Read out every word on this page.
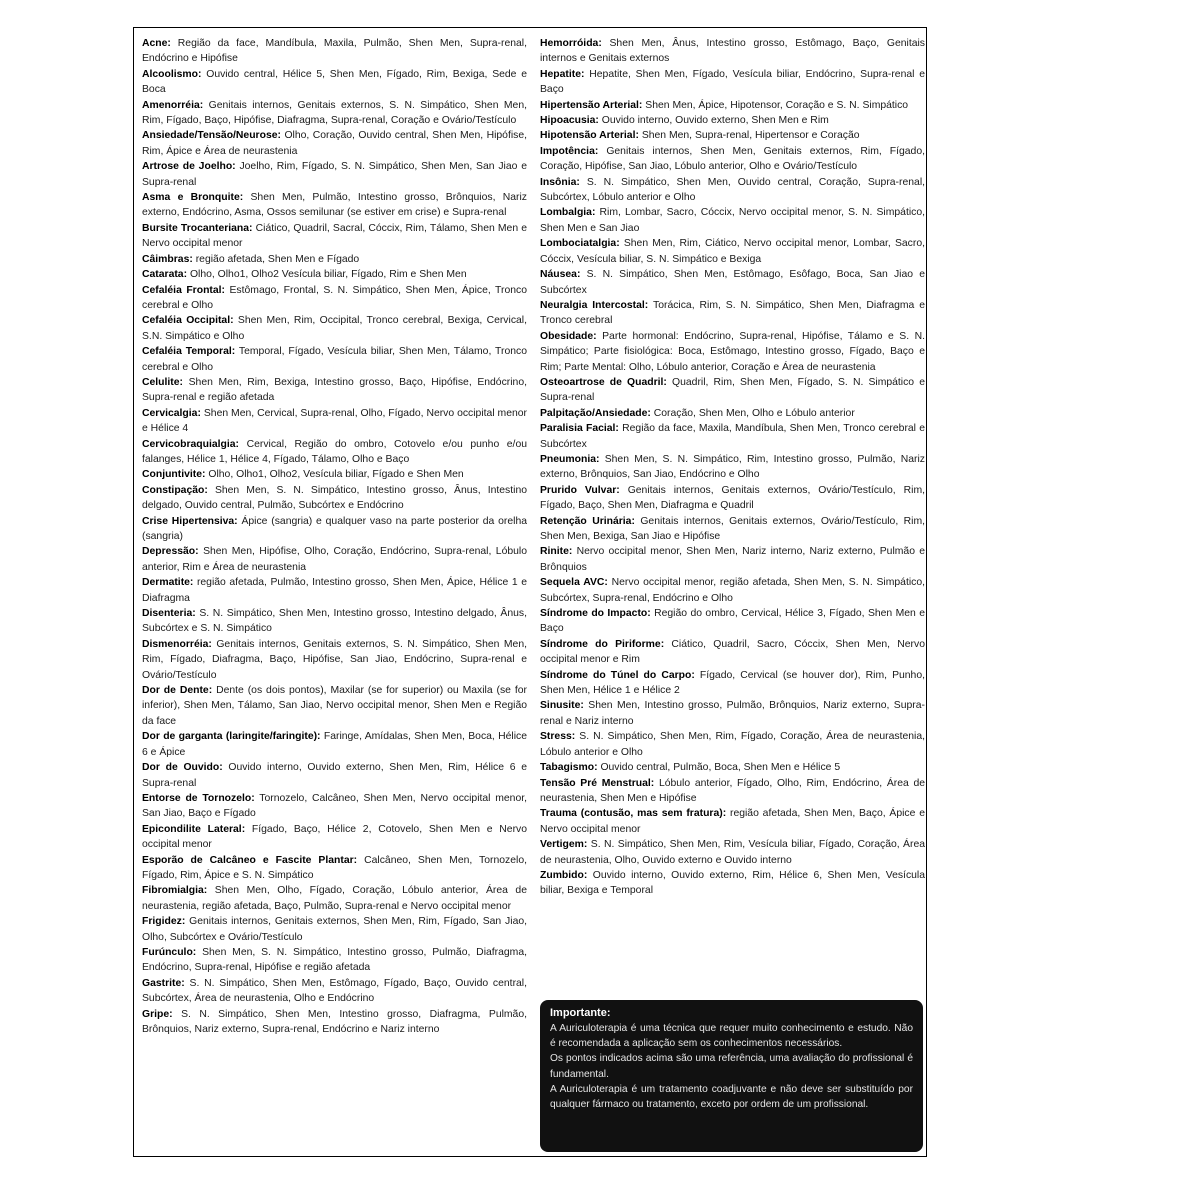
Acne: Região da face, Mandíbula, Maxila, Pulmão, Shen Men, Supra-renal, Endócrino e Hipófise

Alcoolismo: Ouvido central, Hélice 5, Shen Men, Fígado, Rim, Bexiga, Sede e Boca

Amenorréia: Genitais internos, Genitais externos, S. N. Simpático, Shen Men, Rim, Fígado, Baço, Hipófise, Diafragma, Supra-renal, Coração e Ovário/Testículo

Ansiedade/Tensão/Neurose: Olho, Coração, Ouvido central, Shen Men, Hipófise, Rim, Ápice e Área de neurastenia

Artrose de Joelho: Joelho, Rim, Fígado, S. N. Simpático, Shen Men, San Jiao e Supra-renal

Asma e Bronquite: Shen Men, Pulmão, Intestino grosso, Brônquios, Nariz externo, Endócrino, Asma, Ossos semilunar (se estiver em crise) e Supra-renal

Bursite Trocanteriana: Ciático, Quadril, Sacral, Cóccix, Rim, Tálamo, Shen Men e Nervo occipital menor

Câimbras: região afetada, Shen Men e Fígado

Catarata: Olho, Olho1, Olho2 Vesícula biliar, Fígado, Rim e Shen Men

Cefaléia Frontal: Estômago, Frontal, S. N. Simpático, Shen Men, Ápice, Tronco cerebral e Olho

Cefaléia Occipital: Shen Men, Rim, Occipital, Tronco cerebral, Bexiga, Cervical, S.N. Simpático e Olho

Cefaléia Temporal: Temporal, Fígado, Vesícula biliar, Shen Men, Tálamo, Tronco cerebral e Olho

Celulite: Shen Men, Rim, Bexiga, Intestino grosso, Baço, Hipófise, Endócrino, Supra-renal e região afetada

Cervicalgia: Shen Men, Cervical, Supra-renal, Olho, Fígado, Nervo occipital menor e Hélice 4

Cervicobraquialgia: Cervical, Região do ombro, Cotovelo e/ou punho e/ou falanges, Hélice 1, Hélice 4, Fígado, Tálamo, Olho e Baço

Conjuntivite: Olho, Olho1, Olho2, Vesícula biliar, Fígado e Shen Men

Constipação: Shen Men, S. N. Simpático, Intestino grosso, Ânus, Intestino delgado, Ouvido central, Pulmão, Subcórtex e Endócrino

Crise Hipertensiva: Ápice (sangria) e qualquer vaso na parte posterior da orelha (sangria)

Depressão: Shen Men, Hipófise, Olho, Coração, Endócrino, Supra-renal, Lóbulo anterior, Rim e Área de neurastenia

Dermatite: região afetada, Pulmão, Intestino grosso, Shen Men, Ápice, Hélice 1 e Diafragma

Disenteria: S. N. Simpático, Shen Men, Intestino grosso, Intestino delgado, Ânus, Subcórtex e S. N. Simpático

Dismenorréia: Genitais internos, Genitais externos, S. N. Simpático, Shen Men, Rim, Fígado, Diafragma, Baço, Hipófise, San Jiao, Endócrino, Supra-renal e Ovário/Testículo

Dor de Dente: Dente (os dois pontos), Maxilar (se for superior) ou Maxila (se for inferior), Shen Men, Tálamo, San Jiao, Nervo occipital menor, Shen Men e Região da face

Dor de garganta (laringite/faringite): Faringe, Amídalas, Shen Men, Boca, Hélice 6 e Ápice

Dor de Ouvido: Ouvido interno, Ouvido externo, Shen Men, Rim, Hélice 6 e Supra-renal

Entorse de Tornozelo: Tornozelo, Calcâneo, Shen Men, Nervo occipital menor, San Jiao, Baço e Fígado

Epicondilite Lateral: Fígado, Baço, Hélice 2, Cotovelo, Shen Men e Nervo occipital menor

Esporão de Calcâneo e Fascite Plantar: Calcâneo, Shen Men, Tornozelo, Fígado, Rim, Ápice e S. N. Simpático

Fibromialgia: Shen Men, Olho, Fígado, Coração, Lóbulo anterior, Área de neurastenia, região afetada, Baço, Pulmão, Supra-renal e Nervo occipital menor

Frigidez: Genitais internos, Genitais externos, Shen Men, Rim, Fígado, San Jiao, Olho, Subcórtex e Ovário/Testículo

Furúnculo: Shen Men, S. N. Simpático, Intestino grosso, Pulmão, Diafragma, Endócrino, Supra-renal, Hipófise e região afetada

Gastrite: S. N. Simpático, Shen Men, Estômago, Fígado, Baço, Ouvido central, Subcórtex, Área de neurastenia, Olho e Endócrino

Gripe: S. N. Simpático, Shen Men, Intestino grosso, Diafragma, Pulmão, Brônquios, Nariz externo, Supra-renal, Endócrino e Nariz interno

Hemorróida: Shen Men, Ânus, Intestino grosso, Estômago, Baço, Genitais internos e Genitais externos

Hepatite: Hepatite, Shen Men, Fígado, Vesícula biliar, Endócrino, Supra-renal e Baço

Hipertensão Arterial: Shen Men, Ápice, Hipotensor, Coração e S. N. Simpático

Hipoacusia: Ouvido interno, Ouvido externo, Shen Men e Rim

Hipotensão Arterial: Shen Men, Supra-renal, Hipertensor e Coração

Impotência: Genitais internos, Shen Men, Genitais externos, Rim, Fígado, Coração, Hipófise, San Jiao, Lóbulo anterior, Olho e Ovário/Testículo

Insônia: S. N. Simpático, Shen Men, Ouvido central, Coração, Supra-renal, Subcórtex, Lóbulo anterior e Olho

Lombalgia: Rim, Lombar, Sacro, Cóccix, Nervo occipital menor, S. N. Simpático, Shen Men e San Jiao

Lombociatalgia: Shen Men, Rim, Ciático, Nervo occipital menor, Lombar, Sacro, Cóccix, Vesícula biliar, S. N. Simpático e Bexiga

Náusea: S. N. Simpático, Shen Men, Estômago, Esôfago, Boca, San Jiao e Subcórtex

Neuralgia Intercostal: Torácica, Rim, S. N. Simpático, Shen Men, Diafragma e Tronco cerebral

Obesidade: Parte hormonal: Endócrino, Supra-renal, Hipófise, Tálamo e S. N. Simpático; Parte fisiológica: Boca, Estômago, Intestino grosso, Fígado, Baço e Rim; Parte Mental: Olho, Lóbulo anterior, Coração e Área de neurastenia

Osteoartrose de Quadril: Quadril, Rim, Shen Men, Fígado, S. N. Simpático e Supra-renal

Palpitação/Ansiedade: Coração, Shen Men, Olho e Lóbulo anterior

Paralisia Facial: Região da face, Maxila, Mandíbula, Shen Men, Tronco cerebral e Subcórtex

Pneumonia: Shen Men, S. N. Simpático, Rim, Intestino grosso, Pulmão, Nariz externo, Brônquios, San Jiao, Endócrino e Olho

Prurido Vulvar: Genitais internos, Genitais externos, Ovário/Testículo, Rim, Fígado, Baço, Shen Men, Diafragma e Quadril

Retenção Urinária: Genitais internos, Genitais externos, Ovário/Testículo, Rim, Shen Men, Bexiga, San Jiao e Hipófise

Rinite: Nervo occipital menor, Shen Men, Nariz interno, Nariz externo, Pulmão e Brônquios

Sequela AVC: Nervo occipital menor, região afetada, Shen Men, S. N. Simpático, Subcórtex, Supra-renal, Endócrino e Olho

Síndrome do Impacto: Região do ombro, Cervical, Hélice 3, Fígado, Shen Men e Baço

Síndrome do Piriforme: Ciático, Quadril, Sacro, Cóccix, Shen Men, Nervo occipital menor e Rim

Síndrome do Túnel do Carpo: Fígado, Cervical (se houver dor), Rim, Punho, Shen Men, Hélice 1 e Hélice 2

Sinusite: Shen Men, Intestino grosso, Pulmão, Brônquios, Nariz externo, Supra-renal e Nariz interno

Stress: S. N. Simpático, Shen Men, Rim, Fígado, Coração, Área de neurastenia, Lóbulo anterior e Olho

Tabagismo: Ouvido central, Pulmão, Boca, Shen Men e Hélice 5

Tensão Pré Menstrual: Lóbulo anterior, Fígado, Olho, Rim, Endócrino, Área de neurastenia, Shen Men e Hipófise

Trauma (contusão, mas sem fratura): região afetada, Shen Men, Baço, Ápice e Nervo occipital menor

Vertigem: S. N. Simpático, Shen Men, Rim, Vesícula biliar, Fígado, Coração, Área de neurastenia, Olho, Ouvido externo e Ouvido interno

Zumbido: Ouvido interno, Ouvido externo, Rim, Hélice 6, Shen Men, Vesícula biliar, Bexiga e Temporal

Importante:

A Auriculoterapia é uma técnica que requer muito conhecimento e estudo. Não é recomendada a aplicação sem os conhecimentos necessários.

Os pontos indicados acima são uma referência, uma avaliação do profissional é fundamental.

A Auriculoterapia é um tratamento coadjuvante e não deve ser substituído por qualquer fármaco ou tratamento, exceto por ordem de um profissional.
